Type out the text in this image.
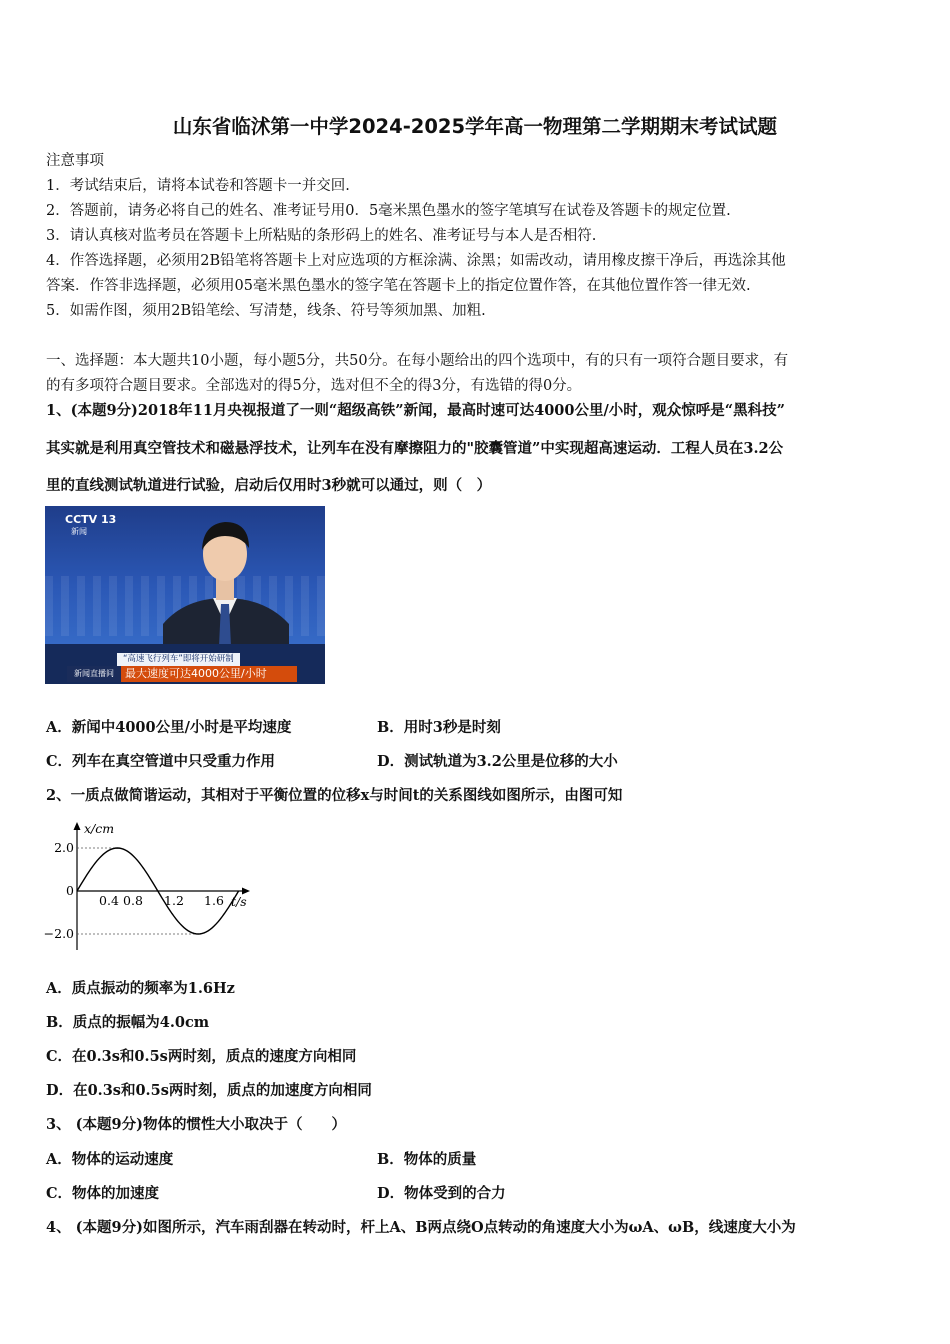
山东省临沭第一中学2024-2025学年高一物理第二学期期末考试试题
注意事项
1．考试结束后，请将本试卷和答题卡一并交回.
2．答题前，请务必将自己的姓名、准考证号用0．5毫米黑色墨水的签字笔填写在试卷及答题卡的规定位置.
3．请认真核对监考员在答题卡上所粘贴的条形码上的姓名、准考证号与本人是否相符.
4．作答选择题，必须用2B铅笔将答题卡上对应选项的方框涂满、涂黑；如需改动，请用橡皮擦干净后，再选涂其他
答案．作答非选择题，必须用05毫米黑色墨水的签字笔在答题卡上的指定位置作答，在其他位置作答一律无效.
5．如需作图，须用2B铅笔绘、写清楚，线条、符号等须加黑、加粗.
一、选择题：本大题共10小题，每小题5分，共50分。在每小题给出的四个选项中，有的只有一项符合题目要求，有
的有多项符合题目要求。全部选对的得5分，选对但不全的得3分，有选错的得0分。
1、(本题9分)2018年11月央视报道了一则“超级高铁”新闻，最高时速可达4000公里/小时，观众惊呼是“黑科技”
其实就是利用真空管技术和磁悬浮技术，让列车在没有摩擦阻力的"胶囊管道”中实现超高速运动．工程人员在3.2公
里的直线测试轨道进行试验，启动后仅用时3秒就可以通过，则（　）
CCTV 13
新闻
“高速飞行列车”即将开始研制
新闻直播间	最大速度可达4000公里/小时
A．新闻中4000公里/小时是平均速度	B．用时3秒是时刻
C．列车在真空管道中只受重力作用	D．测试轨道为3.2公里是位移的大小
2、一质点做简谐运动，其相对于平衡位置的位移x与时间t的关系图线如图所示，由图可知
x/cm
t/s
2.0
0
−2.0
0.4 0.8 1.2 1.6
A．质点振动的频率为1.6Hz
B．质点的振幅为4.0cm
C．在0.3s和0.5s两时刻，质点的速度方向相同
D．在0.3s和0.5s两时刻，质点的加速度方向相同
3、 (本题9分)物体的惯性大小取决于（　　）
A．物体的运动速度	B．物体的质量
C．物体的加速度	D．物体受到的合力
4、 (本题9分)如图所示，汽车雨刮器在转动时，杆上A、B两点绕O点转动的角速度大小为ωA、ωB，线速度大小为
